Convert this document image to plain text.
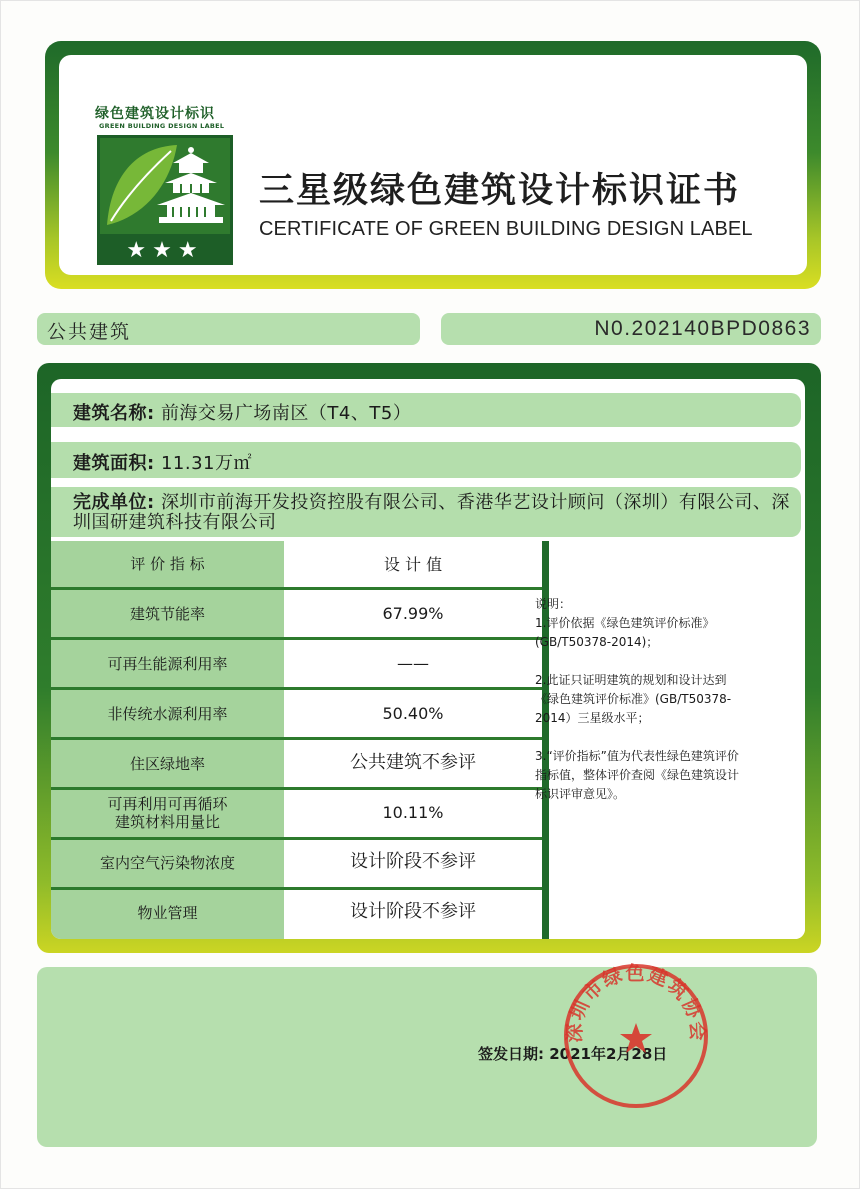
绿色建筑设计标识
GREEN BUILDING DESIGN LABEL
★★★
三星级绿色建筑设计标识证书
CERTIFICATE OF GREEN BUILDING DESIGN LABEL
公共建筑	N0.202140BPD0863
建筑名称: 前海交易广场南区（T4、T5）
建筑面积: 11.31万㎡
完成单位: 深圳市前海开发投资控股有限公司、香港华艺设计顾问（深圳）有限公司、深圳国研建筑科技有限公司
评 价 指 标	设 计 值
建筑节能率	67.99%
可再生能源利用率	——
非传统水源利用率	50.40%
住区绿地率	公共建筑不参评
可再利用可再循环
建筑材料用量比	10.11%
室内空气污染物浓度	设计阶段不参评
物业管理	设计阶段不参评

说明：

1.评价依据《绿色建筑评价标准》(GB/T50378-2014)；

2.此证只证明建筑的规划和设计达到《绿色建筑评价标准》(GB/T50378-2014）三星级水平；

3.“评价指标”值为代表性绿色建筑评价指标值，整体评价查阅《绿色建筑设计标识评审意见》。

签发日期: 2021年2月28日
深圳市绿色建筑协会
